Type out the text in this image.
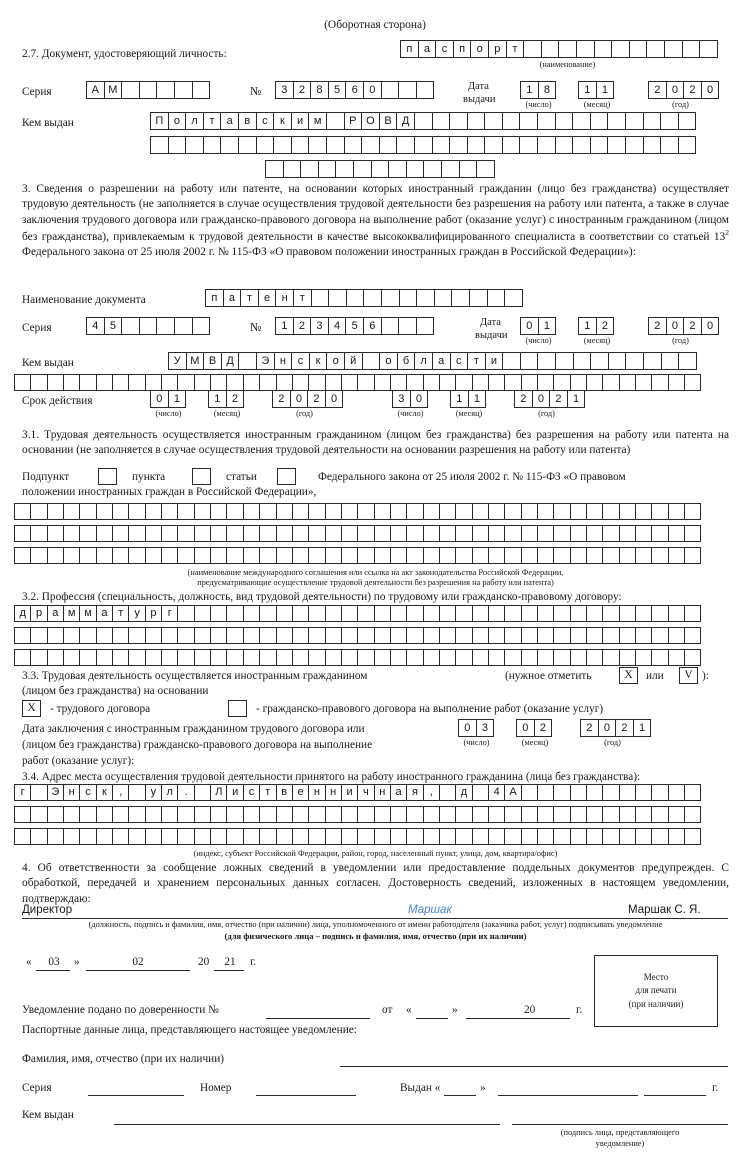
(Оборотная сторона)
2.7. Документ, удостоверяющий личность:	п	а	с	п	о	р	т
(наименование)
Серия	А М	№	3	2	8	5	6	0	Дата
выдачи
1	8
(число)
1	1
(месяц)
2	0	2	0
(год)
Кем выдан	П о	л	т	а	в	с	к	и м	Р О В Д
3. Сведения о разрешении на работу или патенте, на основании которых иностранный гражданин (лицо без гражданства) осуществляет трудовую деятельность (не заполняется в случае осуществления трудовой деятельности без разрешения на работу или патента, а также в случае заключения трудового договора или гражданско-правового договора на выполнение работ (оказание услуг) с иностранным гражданином (лицом без гражданства), привлекаемым к трудовой деятельности в качестве высококвалифицированного специалиста в соответствии со статьей $13^2$ Федерального закона от 25 июля 2002 г. № 115-ФЗ «О правовом положении иностранных граждан в Российской Федерации»):
Наименование документа	п	а	т	е	н	т
Серия	4	5	№	1	2	3	4	5	6	Дата
выдачи
0	1
(число)
1	2
(месяц)
2	0	2	0
(год)
Кем выдан	У М В Д	Э н	с	к	о	й	о	б	л	а	с	т	и
Срок действия	0	1
(число)
1	2
(месяц)
2	0	2	0
(год)
3	0
(число)
1	1
(месяц)
2	0	2	1
(год)
3.1. Трудовая деятельность осуществляется иностранным гражданином (лицом без гражданства) без разрешения на работу или патента на основании (не заполняется в случае осуществления трудовой деятельности на основании разрешения на работу или патента)
Подпункт	пункта	статьи	Федерального закона от 25 июля 2002 г. № 115-ФЗ «О правовом
положении иностранных граждан в Российской Федерации»,
(наименование международного соглашения или ссылка на акт законодательства Российской Федерации,
предусматривающие осуществление трудовой деятельности без разрешения на работу или патента)
3.2. Профессия (специальность, должность, вид трудовой деятельности) по трудовому или гражданско-правовому договору:
д р а м м а т	у р	г
3.3. Трудовая деятельность осуществляется иностранным гражданином	(нужное отметить	X	или	V ):
(лицом без гражданства) на основании
X	- трудового договора	- гражданско-правового договора на выполнение работ (оказание услуг)
Дата заключения с иностранным гражданином трудового договора или
(лицом без гражданства) гражданско-правового договора на выполнение
работ (оказание услуг):
0	3
(число)
0	2
(месяц)
2	0	2	1
(год)
3.4. Адрес места осуществления трудовой деятельности принятого на работу иностранного гражданина (лица без гражданства):
г	Э н с	к	,	у л	.	Л и с	т в е н н и ч н а я	,	д	4 А
(индекс, субъект Российской Федерации, район, город, населенный пункт, улица, дом, квартира/офис)
4. Об ответственности за сообщение ложных сведений в уведомлении или предоставление поддельных документов предупрежден. С обработкой, передачей и хранением персональных данных согласен. Достоверность сведений, изложенных в настоящем уведомлении, подтверждаю:
Директор	Маршак	Маршак С. Я.
(должность, подпись и фамилия, имя, отчество (при наличии) лица, уполномоченного от имени работодателя (заказчика работ, услуг) подписывать уведомление
(для физического лица – подпись и фамилия, имя, отчество (при их наличии)
«	03	»	02	20	21	г.
Место
для печати
(при наличии)
Уведомление подано по доверенности №	от «	»	20	г.
Паспортные данные лица, представляющего настоящее уведомление:
Фамилия, имя, отчество (при их наличии)
Серия	Номер	Выдан «	»	г.
Кем выдан
(подпись лица, представляющего
уведомление)
